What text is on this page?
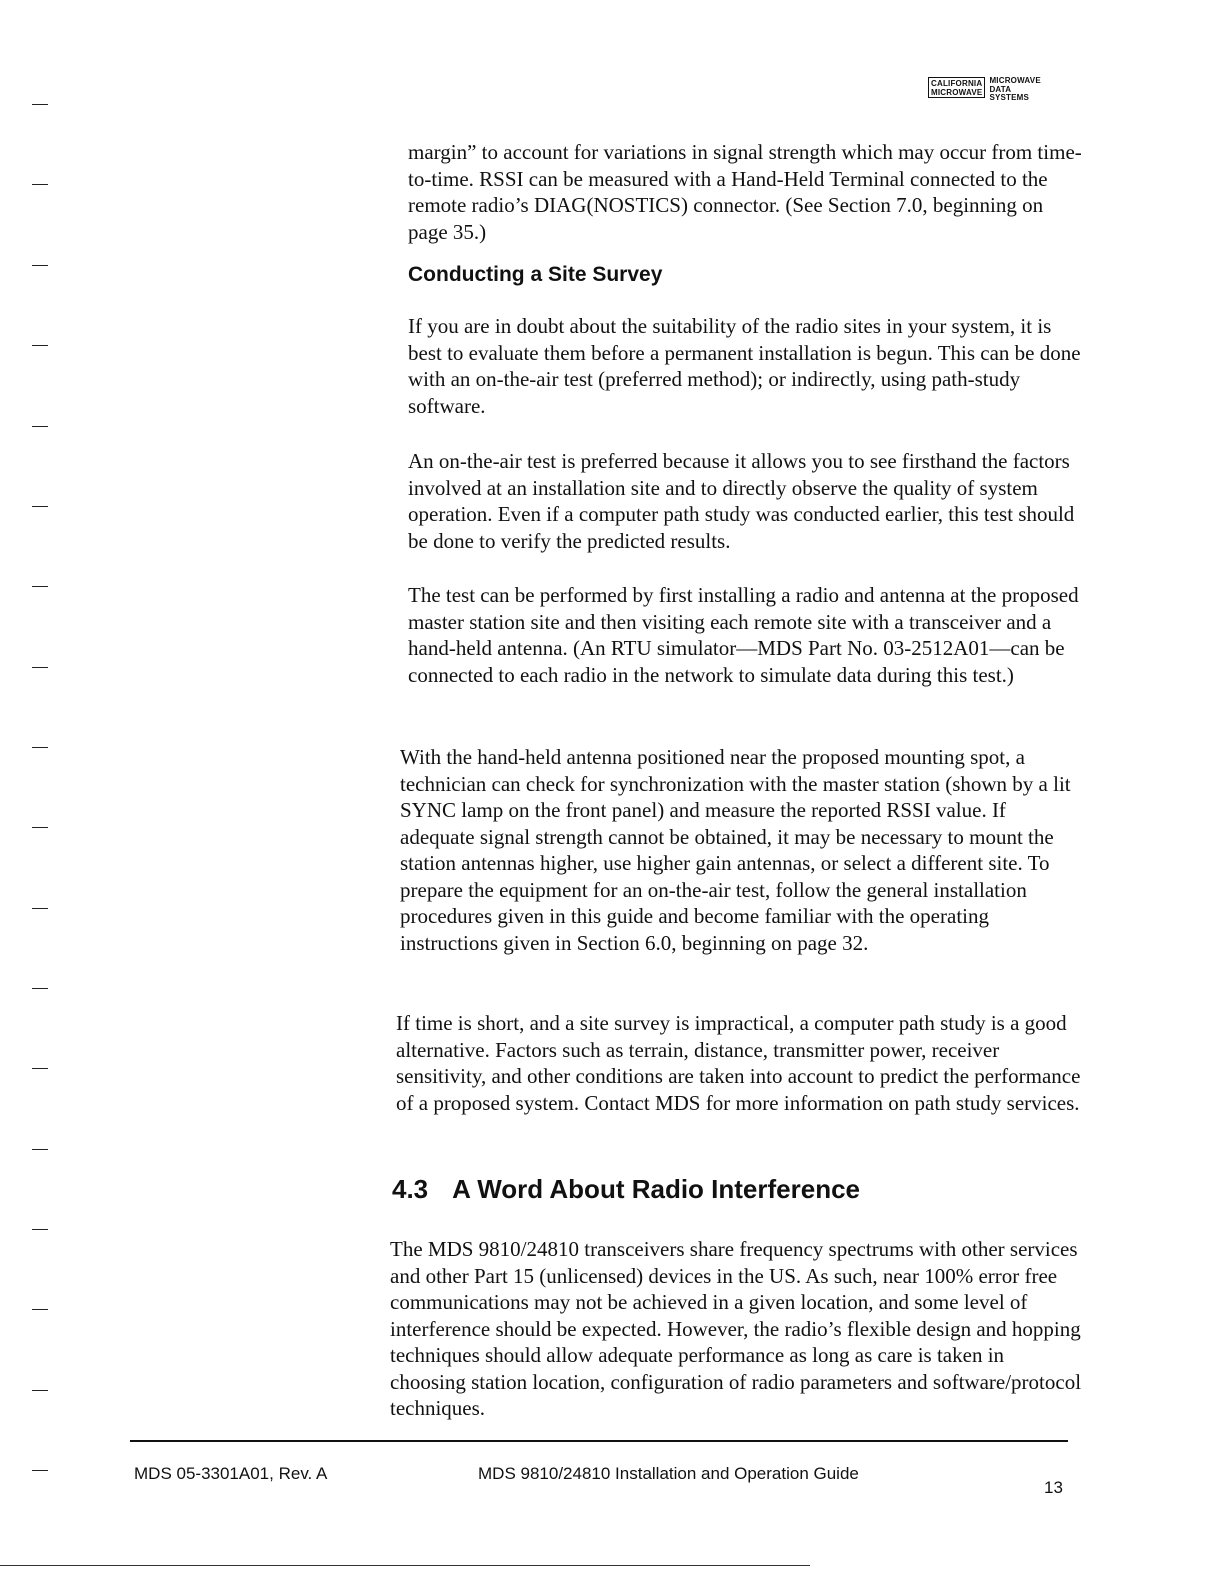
CALIFORNIA
MICROWAVE
MICROWAVE
DATA
SYSTEMS

margin” to account for variations in signal strength which may occur from time-to-time. RSSI can be measured with a Hand-Held Terminal connected to the remote radio’s DIAG(NOSTICS) connector. (See Section 7.0, beginning on page 35.)

Conducting a Site Survey

If you are in doubt about the suitability of the radio sites in your system, it is best to evaluate them before a permanent installation is begun. This can be done with an on-the-air test (preferred method); or indirectly, using path-study software.

An on-the-air test is preferred because it allows you to see firsthand the factors involved at an installation site and to directly observe the quality of system operation. Even if a computer path study was conducted earlier, this test should be done to verify the predicted results.

The test can be performed by first installing a radio and antenna at the proposed master station site and then visiting each remote site with a transceiver and a hand-held antenna. (An RTU simulator—MDS Part No. 03-2512A01—can be connected to each radio in the network to simulate data during this test.)

With the hand-held antenna positioned near the proposed mounting spot, a technician can check for synchronization with the master station (shown by a lit SYNC lamp on the front panel) and measure the reported RSSI value. If adequate signal strength cannot be obtained, it may be necessary to mount the station antennas higher, use higher gain antennas, or select a different site. To prepare the equipment for an on-the-air test, follow the general installation procedures given in this guide and become familiar with the operating instructions given in Section 6.0, beginning on page 32.

If time is short, and a site survey is impractical, a computer path study is a good alternative. Factors such as terrain, distance, transmitter power, receiver sensitivity, and other conditions are taken into account to predict the performance of a proposed system. Contact MDS for more information on path study services.

4.3 A Word About Radio Interference

The MDS 9810/24810 transceivers share frequency spectrums with other services and other Part 15 (unlicensed) devices in the US. As such, near 100% error free communications may not be achieved in a given location, and some level of interference should be expected. However, the radio’s flexible design and hopping techniques should allow adequate performance as long as care is taken in choosing station location, configuration of radio parameters and software/protocol techniques.

MDS 05-3301A01, Rev. A	MDS 9810/24810 Installation and Operation Guide
13
